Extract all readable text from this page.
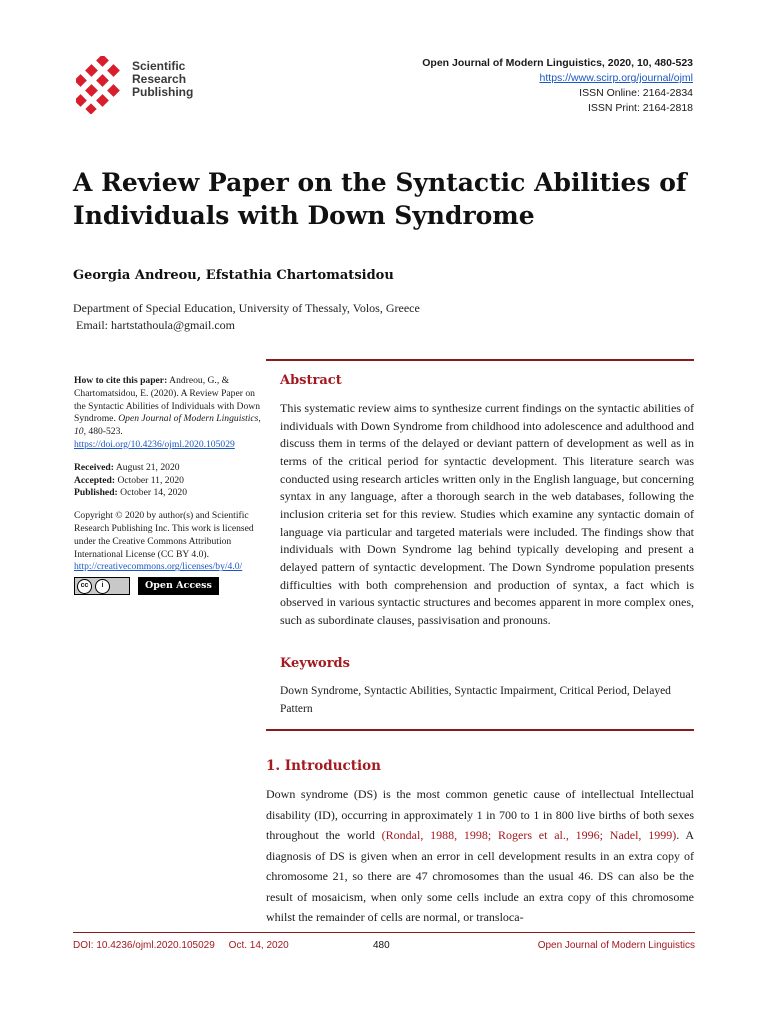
Scientific
Research
Publishing
Open Journal of Modern Linguistics, 2020, 10, 480-523
https://www.scirp.org/journal/ojml
ISSN Online: 2164-2834
ISSN Print: 2164-2818
A Review Paper on the Syntactic Abilities of Individuals with Down Syndrome
Georgia Andreou, Efstathia Chartomatsidou
Department of Special Education, University of Thessaly, Volos, Greece
Email: hartstathoula@gmail.com
How to cite this paper: Andreou, G., & Chartomatsidou, E. (2020). A Review Paper on the Syntactic Abilities of Individuals with Down Syndrome. Open Journal of Modern Linguistics, 10, 480-523.
https://doi.org/10.4236/ojml.2020.105029
Received: August 21, 2020
Accepted: October 11, 2020
Published: October 14, 2020
Copyright © 2020 by author(s) and Scientific Research Publishing Inc. This work is licensed under the Creative Commons Attribution International License (CC BY 4.0).
http://creativecommons.org/licenses/by/4.0/
cc	i	Open Access
Abstract
This systematic review aims to synthesize current findings on the syntactic abilities of individuals with Down Syndrome from childhood into adolescence and adulthood and discuss them in terms of the delayed or deviant pattern of development as well as in terms of the critical period for syntactic development. This literature search was conducted using research articles written only in the English language, but concerning syntax in any language, after a thorough search in the web databases, following the inclusion criteria set for this review. Studies which examine any syntactic domain of language via particular and targeted materials were included. The findings show that individuals with Down Syndrome lag behind typically developing and present a delayed pattern of syntactic development. The Down Syndrome population presents difficulties with both comprehension and production of syntax, a fact which is observed in various syntactic structures and becomes apparent in more complex ones, such as subordinate clauses, passivisation and pronouns.
Keywords
Down Syndrome, Syntactic Abilities, Syntactic Impairment, Critical Period, Delayed Pattern
1. Introduction
Down syndrome (DS) is the most common genetic cause of intellectual Intellectual disability (ID), occurring in approximately 1 in 700 to 1 in 800 live births of both sexes throughout the world (Rondal, 1988, 1998; Rogers et al., 1996; Nadel, 1999). A diagnosis of DS is given when an error in cell development results in an extra copy of chromosome 21, so there are 47 chromosomes than the usual 46. DS can also be the result of mosaicism, when only some cells include an extra copy of this chromosome whilst the remainder of cells are normal, or transloca-
DOI: 10.4236/ojml.2020.105029     Oct. 14, 2020	480	Open Journal of Modern Linguistics
